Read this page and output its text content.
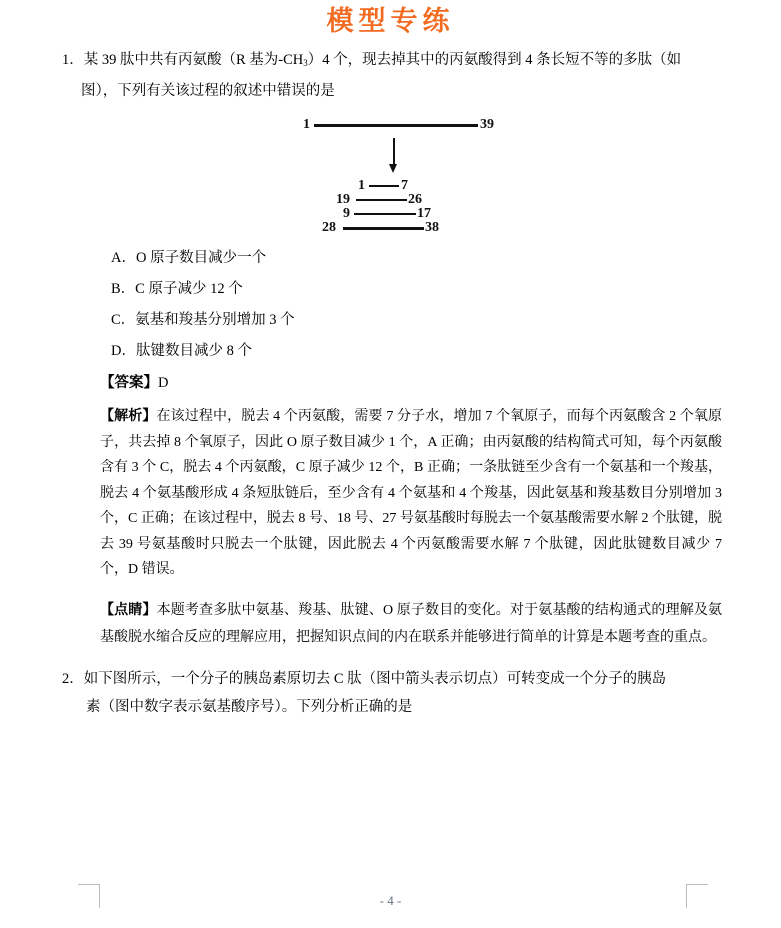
模型专练
1．某 39 肽中共有丙氨酸（R 基为$-CH_3)4$ 个，现去掉其中的丙氨酸得到 4 条长短不等的多肽（如
图），下列有关该过程的叙述中错误的是
1	39
1	7
19	26
9	17
28	38
A．O 原子数目减少一个
B．C 原子减少 12 个
C．氨基和羧基分别增加 3 个
D．肽键数目减少 8 个
【答案】D
【解析】在该过程中，脱去 4 个丙氨酸，需要 7 分子水，增加 7 个氧原子，而每个丙氨酸含 2 个氧原子，共去掉 8 个氧原子，因此 O 原子数目减少 1 个，A 正确；由丙氨酸的结构简式可知，每个丙氨酸含有 3 个 C，脱去 4 个丙氨酸，C 原子减少 12 个，B 正确；一条肽链至少含有一个氨基和一个羧基，脱去 4 个氨基酸形成 4 条短肽链后，至少含有 4 个氨基和 4 个羧基，因此氨基和羧基数目分别增加 3 个，C 正确；在该过程中，脱去 8 号、18 号、27 号氨基酸时每脱去一个氨基酸需要水解 2 个肽键，脱去 39 号氨基酸时只脱去一个肽键，因此脱去 4 个丙氨酸需要水解 7 个肽键，因此肽键数目减少 7 个，D 错误。
【点睛】本题考查多肽中氨基、羧基、肽键、O 原子数目的变化。对于氨基酸的结构通式的理解及氨基酸脱水缩合反应的理解应用，把握知识点间的内在联系并能够进行简单的计算是本题考查的重点。
2．如下图所示，一个分子的胰岛素原切去 C 肽（图中箭头表示切点）可转变成一个分子的胰岛
素（图中数字表示氨基酸序号）。下列分析正确的是
- 4 -
